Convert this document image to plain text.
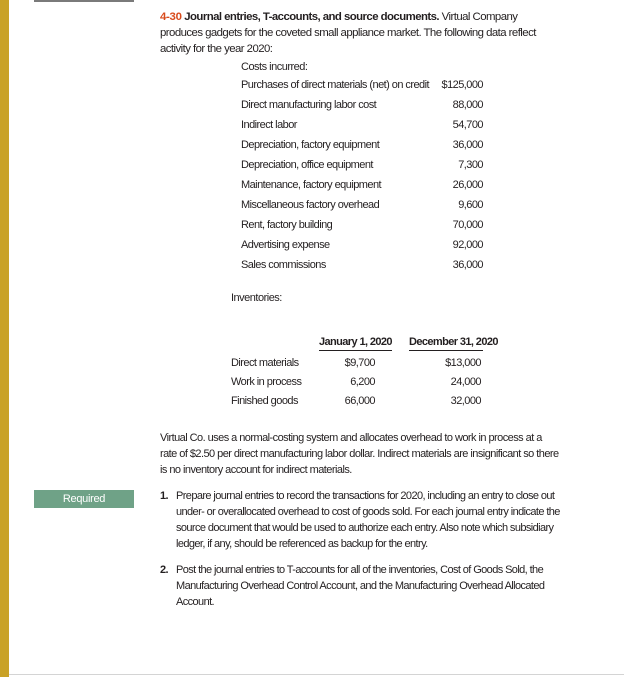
4-30 Journal entries, T-accounts, and source documents. Virtual Company produces gadgets for the coveted small appliance market. The following data reflect activity for the year 2020:
Costs incurred:
Purchases of direct materials (net) on credit $125,000
Direct manufacturing labor cost	88,000
Indirect labor	54,700
Depreciation, factory equipment	36,000
Depreciation, office equipment	7,300
Maintenance, factory equipment	26,000
Miscellaneous factory overhead	9,600
Rent, factory building	70,000
Advertising expense	92,000
Sales commissions	36,000
Inventories:
January 1, 2020 December 31, 2020
Direct materials	$9,700	$13,000
Work in process	6,200	24,000
Finished goods	66,000	32,000
Virtual Co. uses a normal-costing system and allocates overhead to work in process at a rate of $2.50 per direct manufacturing labor dollar. Indirect materials are insignificant so there is no inventory account for indirect materials.
Required	1. Prepare journal entries to record the transactions for 2020, including an entry to close out under- or overallocated overhead to cost of goods sold. For each journal entry indicate the source document that would be used to authorize each entry. Also note which subsidiary ledger, if any, should be referenced as backup for the entry.
2. Post the journal entries to T-accounts for all of the inventories, Cost of Goods Sold, the Manufacturing Overhead Control Account, and the Manufacturing Overhead Allocated Account.
